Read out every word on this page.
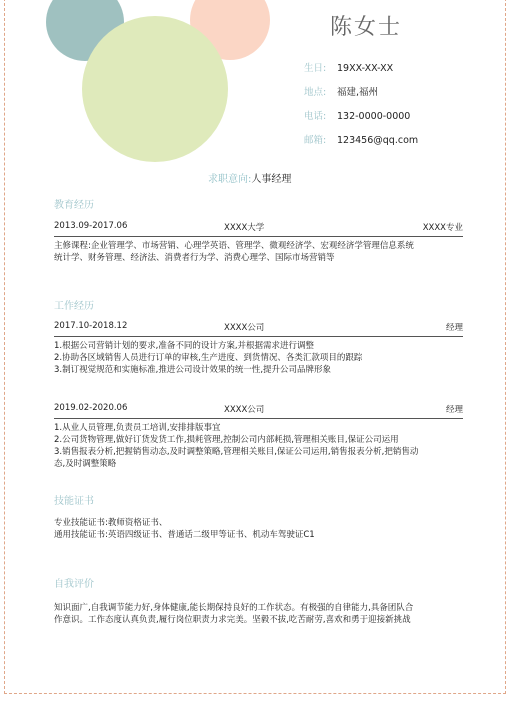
陈女士
生日: 19XX-XX-XX
地点: 福建,福州
电话: 132-0000-0000
邮箱: 123456@qq.com
求职意向:人事经理
教育经历
2013.09-2017.06	XXXX大学	XXXX专业
主修课程:企业管理学、市场营销、心理学英语、管理学、微观经济学、宏观经济学管理信息系统
统计学、财务管理、经济法、消费者行为学、消费心理学、国际市场营销等
工作经历
2017.10-2018.12	XXXX公司	经理
1.根据公司营销计划的要求,准备不同的设计方案,并根据需求进行调整
2.协助各区域销售人员进行订单的审核,生产进度、到货情况、各类汇款项目的跟踪
3.制订视觉规范和实施标准,推进公司设计效果的统一性,提升公司品牌形象
2019.02-2020.06	XXXX公司	经理
1.从业人员管理,负责员工培训,安排排版事宜
2.公司货物管理,做好订货发货工作,损耗管理,控制公司内部耗损,管理相关账目,保证公司运用
3.销售报表分析,把握销售动态,及时调整策略,管理相关账目,保证公司运用,销售报表分析,把销售动
态,及时调整策略
技能证书
专业技能证书:教师资格证书、
通用技能证书:英语四级证书、普通话二级甲等证书、机动车驾驶证C1
自我评价
知识面广,自我调节能力好,身体健康,能长期保持良好的工作状态。有极强的自律能力,具备团队合
作意识。工作态度认真负责,履行岗位职责力求完美。坚毅不拔,吃苦耐劳,喜欢和勇于迎接新挑战
